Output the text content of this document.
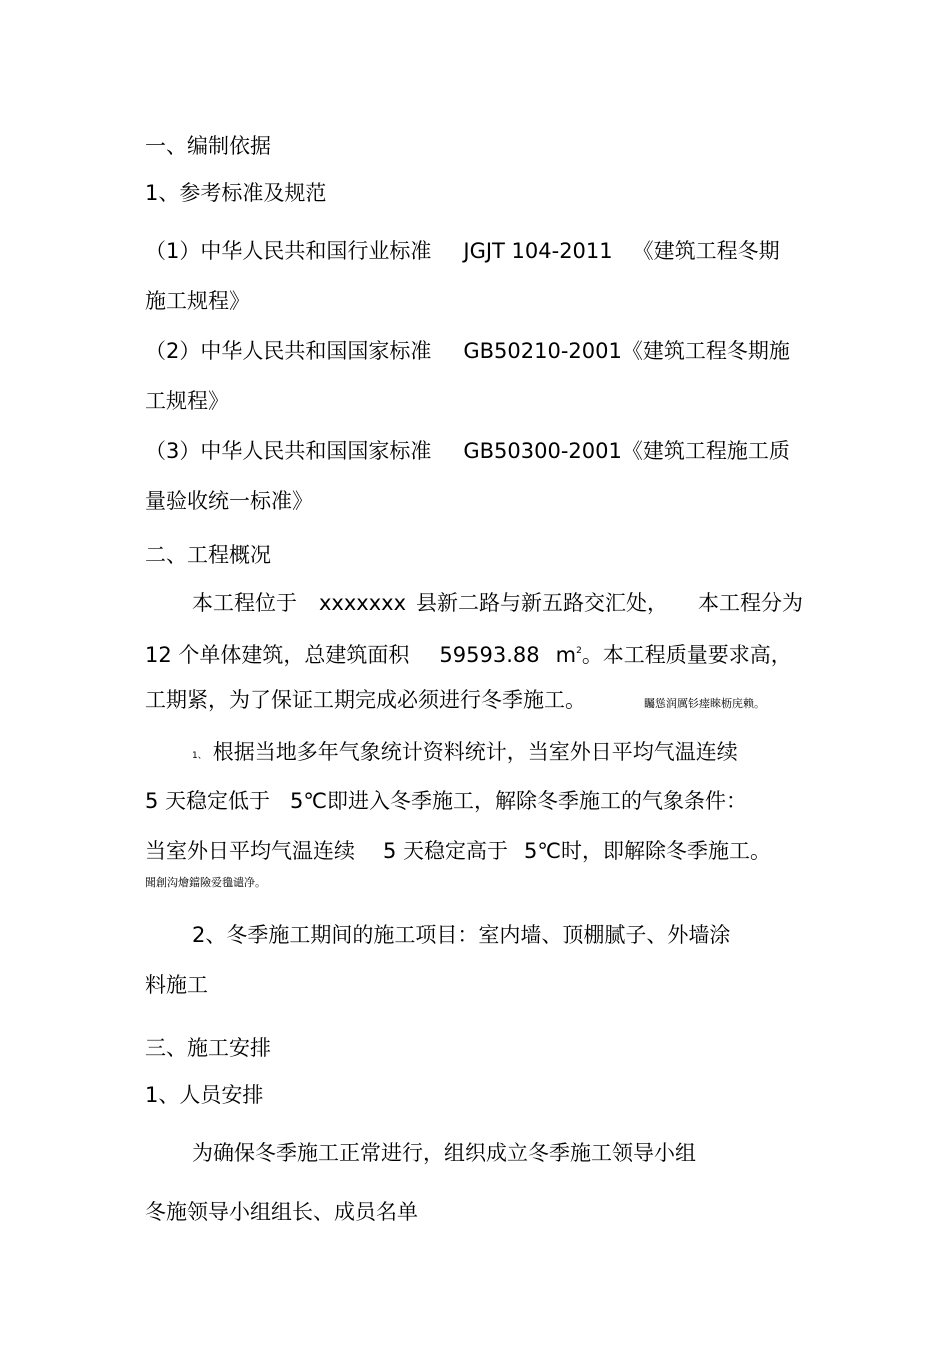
一、编制依据
1、参考标准及规范
（1）中华人民共和国行业标准 JGJT 104-2011 《建筑工程冬期
施工规程》
（2）中华人民共和国国家标准 GB50210-2001《建筑工程冬期施
工规程》
（3）中华人民共和国国家标准 GB50300-2001《建筑工程施工质
量验收统一标准》
二、工程概况
本工程位于 xxxxxxx 县新二路与新五路交汇处， 本工程分为
12 个单体建筑，总建筑面积 59593.88 $m^2$。本工程质量要求高，
工期紧，为了保证工期完成必须进行冬季施工。	矚慫润厲钐瘗睞枥庑赖。
1、 根据当地多年气象统计资料统计，当室外日平均气温连续
5 天稳定低于 5℃即进入冬季施工，解除冬季施工的气象条件：
当室外日平均气温连续 5 天稳定高于 5℃时，即解除冬季施工。
聞創沟燴鐺險爱氇谴净。
2、冬季施工期间的施工项目：室内墙、顶棚腻子、外墙涂
料施工
三、施工安排
1、人员安排
为确保冬季施工正常进行，组织成立冬季施工领导小组
冬施领导小组组长、成员名单
